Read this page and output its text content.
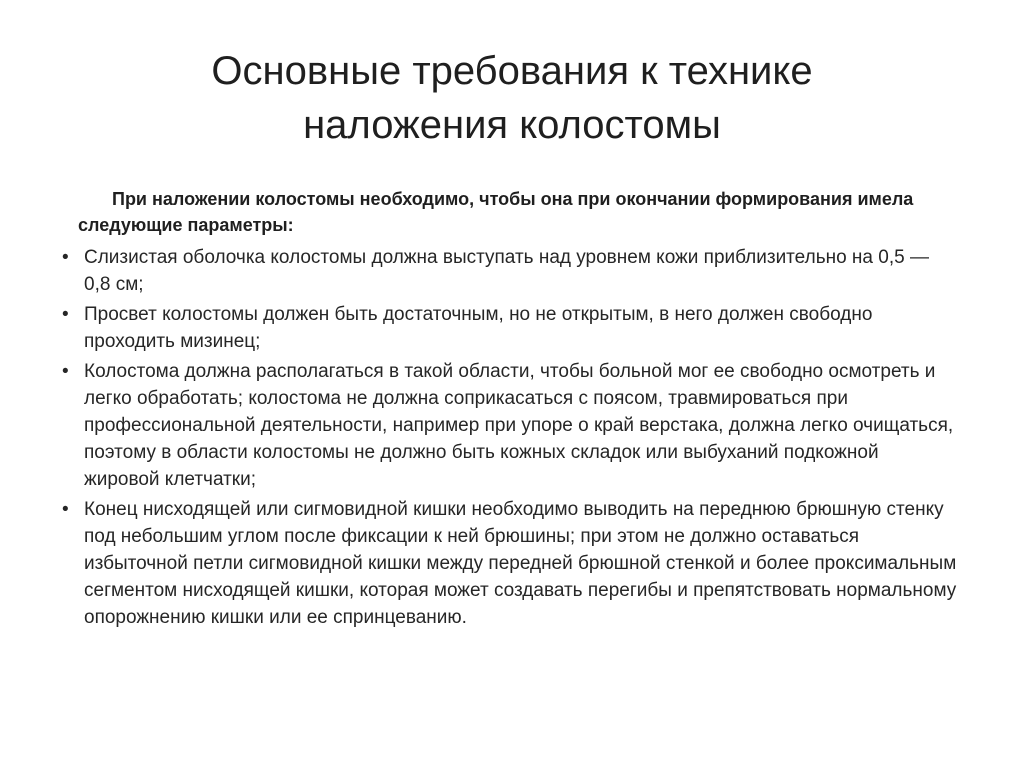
Основные требования к технике
наложения колостомы

При наложении колостомы необходимо, чтобы она при окончании формирования имела следующие параметры:

• Слизистая оболочка колостомы должна выступать над уровнем кожи приблизительно на 0,5 — 0,8 см;
• Просвет колостомы должен быть достаточным, но не открытым, в него должен свободно проходить мизинец;
• Колостома должна располагаться в такой области, чтобы больной мог ее свободно осмотреть и легко обработать; колостома не должна соприкасаться с поясом, травмироваться при профессиональной деятельности, например при упоре о край верстака, должна легко очищаться, поэтому в области колостомы не должно быть кожных складок или выбуханий подкожной жировой клетчатки;
• Конец нисходящей или сигмовидной кишки необходимо выводить на переднюю брюшную стенку под небольшим углом после фиксации к ней брюшины; при этом не должно оставаться избыточной петли сигмовидной кишки между передней брюшной стенкой и более проксимальным сегментом нисходящей кишки, которая может создавать перегибы и препятствовать нормальному опорожнению кишки или ее спринцеванию.
